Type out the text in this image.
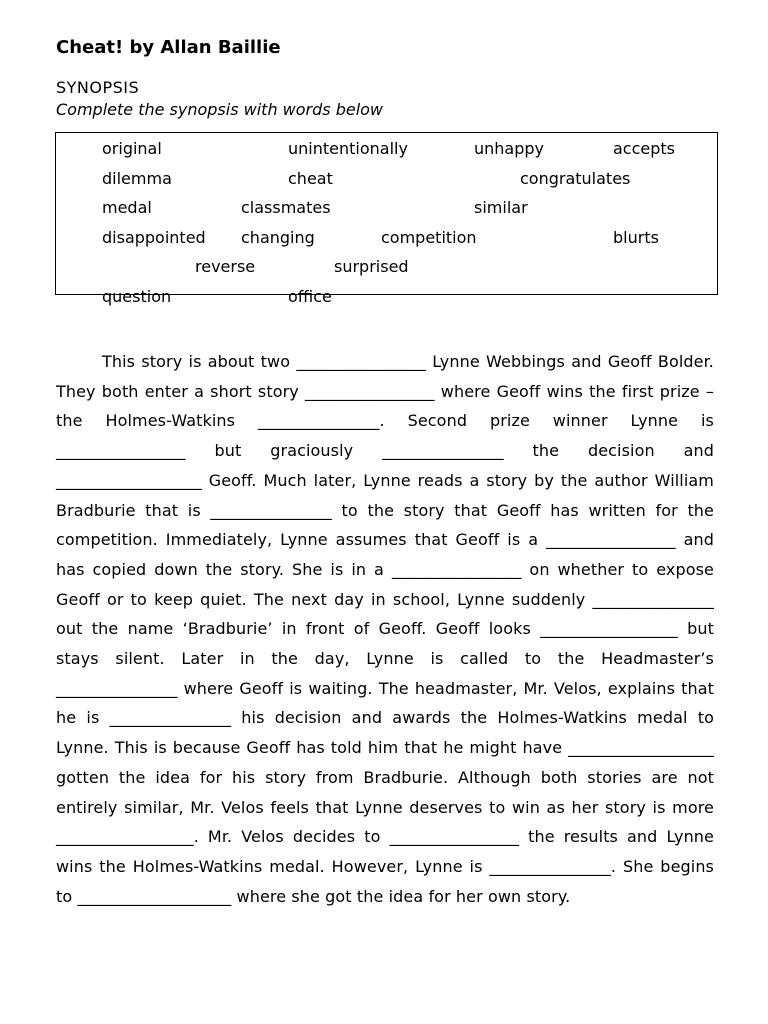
Cheat! by Allan Baillie
SYNOPSIS
Complete the synopsis with words below
original	unintentionally	unhappy	accepts
dilemma	cheat	congratulates
medal	classmates	similar
disappointed changing	competition	blurts
reverse	surprised
question	office

This story is about two ________________ Lynne Webbings and Geoff Bolder. They both enter a short story ________________ where Geoff wins the first prize – the Holmes-Watkins _______________. Second prize winner Lynne is ________________ but graciously _______________ the decision and __________________ Geoff. Much later, Lynne reads a story by the author William Bradburie that is _______________ to the story that Geoff has written for the competition. Immediately, Lynne assumes that Geoff is a ________________ and has copied down the story. She is in a ________________ on whether to expose Geoff or to keep quiet. The next day in school, Lynne suddenly _______________ out the name ‘Bradburie’ in front of Geoff. Geoff looks _________________ but stays silent. Later in the day, Lynne is called to the Headmaster’s _______________ where Geoff is waiting. The headmaster, Mr. Velos, explains that he is _______________ his decision and awards the Holmes-Watkins medal to Lynne. This is because Geoff has told him that he might have __________________ gotten the idea for his story from Bradburie. Although both stories are not entirely similar, Mr. Velos feels that Lynne deserves to win as her story is more _________________. Mr. Velos decides to ________________ the results and Lynne wins the Holmes-Watkins medal. However, Lynne is _______________. She begins to ___________________ where she got the idea for her own story.
